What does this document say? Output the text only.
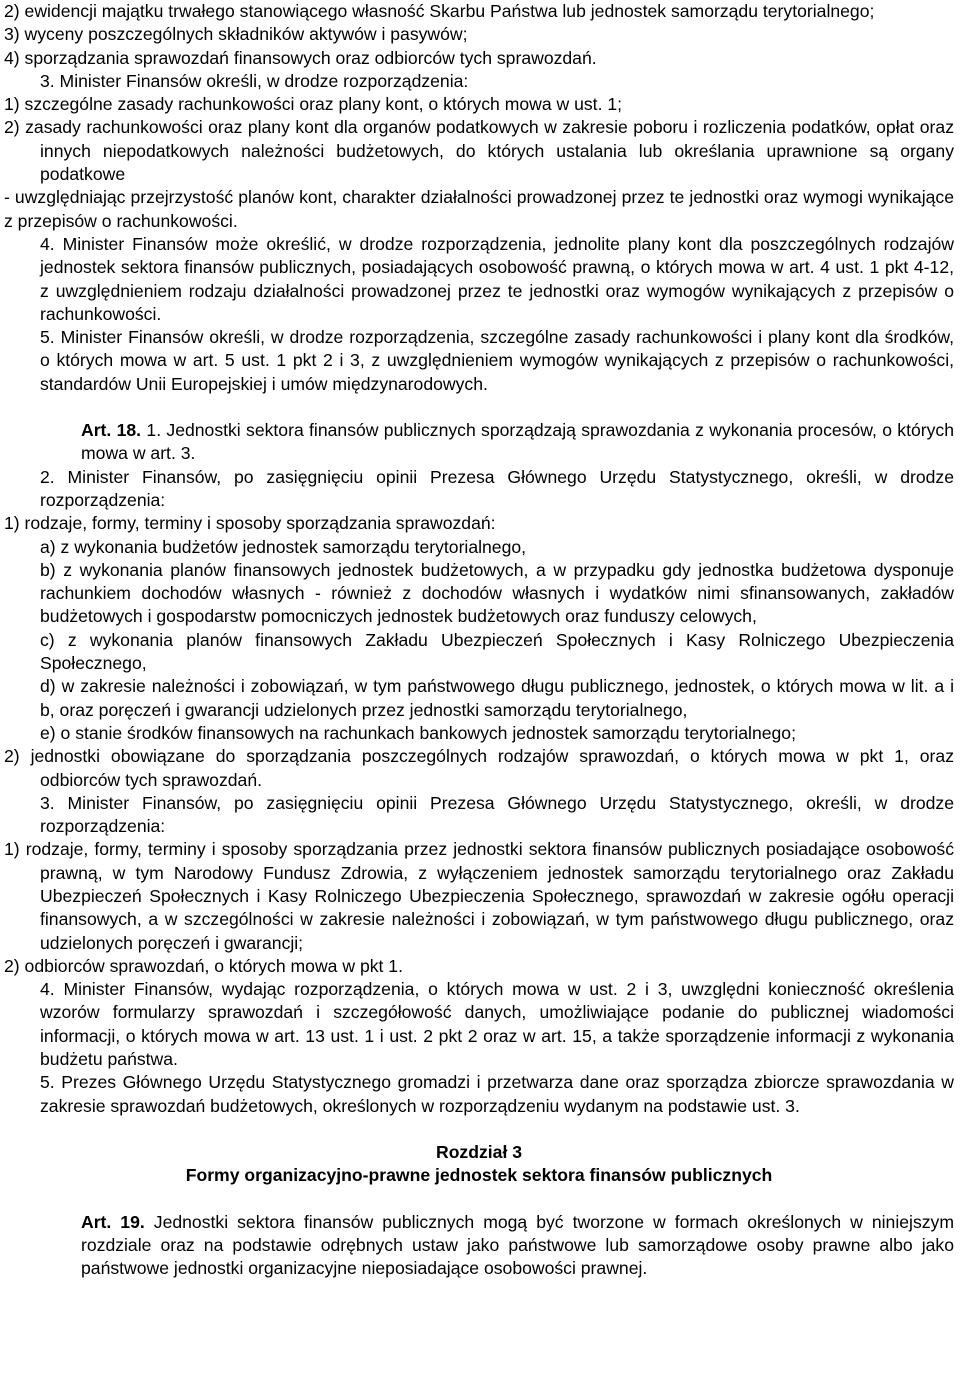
2) ewidencji majątku trwałego stanowiącego własność Skarbu Państwa lub jednostek samorządu terytorialnego;

3) wyceny poszczególnych składników aktywów i pasywów;

4) sporządzania sprawozdań finansowych oraz odbiorców tych sprawozdań.

3. Minister Finansów określi, w drodze rozporządzenia:

1) szczególne zasady rachunkowości oraz plany kont, o których mowa w ust. 1;

2) zasady rachunkowości oraz plany kont dla organów podatkowych w zakresie poboru i rozliczenia podatków, opłat oraz innych niepodatkowych należności budżetowych, do których ustalania lub określania uprawnione są organy podatkowe

- uwzględniając przejrzystość planów kont, charakter działalności prowadzonej przez te jednostki oraz wymogi wynikające z przepisów o rachunkowości.

4. Minister Finansów może określić, w drodze rozporządzenia, jednolite plany kont dla poszczególnych rodzajów jednostek sektora finansów publicznych, posiadających osobowość prawną, o których mowa w art. 4 ust. 1 pkt 4-12, z uwzględnieniem rodzaju działalności prowadzonej przez te jednostki oraz wymogów wynikających z przepisów o rachunkowości.

5. Minister Finansów określi, w drodze rozporządzenia, szczególne zasady rachunkowości i plany kont dla środków, o których mowa w art. 5 ust. 1 pkt 2 i 3, z uwzględnieniem wymogów wynikających z przepisów o rachunkowości, standardów Unii Europejskiej i umów międzynarodowych.

Art. 18. 1. Jednostki sektora finansów publicznych sporządzają sprawozdania z wykonania procesów, o których mowa w art. 3.

2. Minister Finansów, po zasięgnięciu opinii Prezesa Głównego Urzędu Statystycznego, określi, w drodze rozporządzenia:

1) rodzaje, formy, terminy i sposoby sporządzania sprawozdań:

a) z wykonania budżetów jednostek samorządu terytorialnego,

b) z wykonania planów finansowych jednostek budżetowych, a w przypadku gdy jednostka budżetowa dysponuje rachunkiem dochodów własnych - również z dochodów własnych i wydatków nimi sfinansowanych, zakładów budżetowych i gospodarstw pomocniczych jednostek budżetowych oraz funduszy celowych,

c) z wykonania planów finansowych Zakładu Ubezpieczeń Społecznych i Kasy Rolniczego Ubezpieczenia Społecznego,

d) w zakresie należności i zobowiązań, w tym państwowego długu publicznego, jednostek, o których mowa w lit. a i b, oraz poręczeń i gwarancji udzielonych przez jednostki samorządu terytorialnego,

e) o stanie środków finansowych na rachunkach bankowych jednostek samorządu terytorialnego;

2) jednostki obowiązane do sporządzania poszczególnych rodzajów sprawozdań, o których mowa w pkt 1, oraz odbiorców tych sprawozdań.

3. Minister Finansów, po zasięgnięciu opinii Prezesa Głównego Urzędu Statystycznego, określi, w drodze rozporządzenia:

1) rodzaje, formy, terminy i sposoby sporządzania przez jednostki sektora finansów publicznych posiadające osobowość prawną, w tym Narodowy Fundusz Zdrowia, z wyłączeniem jednostek samorządu terytorialnego oraz Zakładu Ubezpieczeń Społecznych i Kasy Rolniczego Ubezpieczenia Społecznego, sprawozdań w zakresie ogółu operacji finansowych, a w szczególności w zakresie należności i zobowiązań, w tym państwowego długu publicznego, oraz udzielonych poręczeń i gwarancji;

2) odbiorców sprawozdań, o których mowa w pkt 1.

4. Minister Finansów, wydając rozporządzenia, o których mowa w ust. 2 i 3, uwzględni konieczność określenia wzorów formularzy sprawozdań i szczegółowość danych, umożliwiające podanie do publicznej wiadomości informacji, o których mowa w art. 13 ust. 1 i ust. 2 pkt 2 oraz w art. 15, a także sporządzenie informacji z wykonania budżetu państwa.

5. Prezes Głównego Urzędu Statystycznego gromadzi i przetwarza dane oraz sporządza zbiorcze sprawozdania w zakresie sprawozdań budżetowych, określonych w rozporządzeniu wydanym na podstawie ust. 3.

Rozdział 3
Formy organizacyjno-prawne jednostek sektora finansów publicznych

Art. 19. Jednostki sektora finansów publicznych mogą być tworzone w formach określonych w niniejszym rozdziale oraz na podstawie odrębnych ustaw jako państwowe lub samorządowe osoby prawne albo jako państwowe jednostki organizacyjne nieposiadające osobowości prawnej.
